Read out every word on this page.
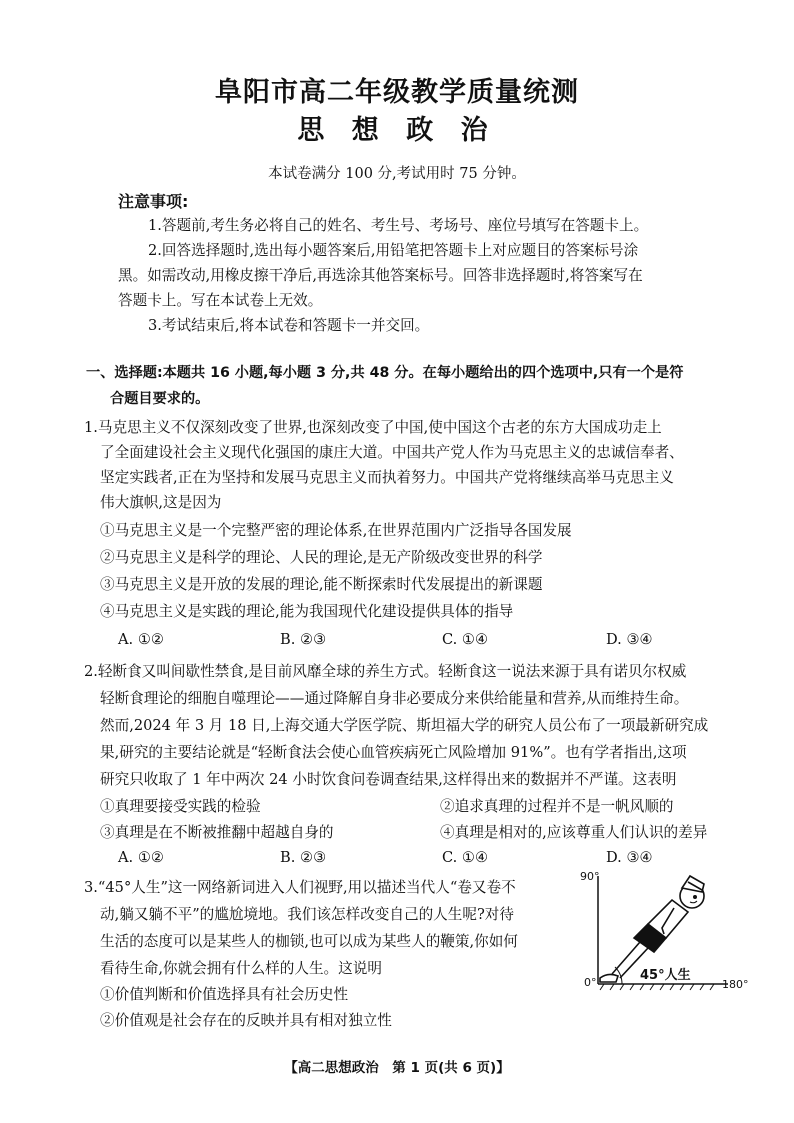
阜阳市高二年级教学质量统测
思 想 政 治
本试卷满分 100 分,考试用时 75 分钟。
注意事项:
1.答题前,考生务必将自己的姓名、考生号、考场号、座位号填写在答题卡上。
2.回答选择题时,选出每小题答案后,用铅笔把答题卡上对应题目的答案标号涂
黑。如需改动,用橡皮擦干净后,再选涂其他答案标号。回答非选择题时,将答案写在
答题卡上。写在本试卷上无效。
3.考试结束后,将本试卷和答题卡一并交回。
一、选择题:本题共 16 小题,每小题 3 分,共 48 分。在每小题给出的四个选项中,只有一个是符
合题目要求的。
1.马克思主义不仅深刻改变了世界,也深刻改变了中国,使中国这个古老的东方大国成功走上
了全面建设社会主义现代化强国的康庄大道。中国共产党人作为马克思主义的忠诚信奉者、
坚定实践者,正在为坚持和发展马克思主义而执着努力。中国共产党将继续高举马克思主义
伟大旗帜,这是因为
①马克思主义是一个完整严密的理论体系,在世界范围内广泛指导各国发展
②马克思主义是科学的理论、人民的理论,是无产阶级改变世界的科学
③马克思主义是开放的发展的理论,能不断探索时代发展提出的新课题
④马克思主义是实践的理论,能为我国现代化建设提供具体的指导
A. ①②	B. ②③	C. ①④	D. ③④
2.轻断食又叫间歇性禁食,是目前风靡全球的养生方式。轻断食这一说法来源于具有诺贝尔权威
轻断食理论的细胞自噬理论——通过降解自身非必要成分来供给能量和营养,从而维持生命。
然而,2024 年 3 月 18 日,上海交通大学医学院、斯坦福大学的研究人员公布了一项最新研究成
果,研究的主要结论就是“轻断食法会使心血管疾病死亡风险增加 91%”。也有学者指出,这项
研究只收取了 1 年中两次 24 小时饮食问卷调查结果,这样得出来的数据并不严谨。这表明
①真理要接受实践的检验	②追求真理的过程并不是一帆风顺的
③真理是在不断被推翻中超越自身的	④真理是相对的,应该尊重人们认识的差异
A. ①②	B. ②③	C. ①④	D. ③④
3.“45°人生”这一网络新词进入人们视野,用以描述当代人“卷又卷不
动,躺又躺不平”的尴尬境地。我们该怎样改变自己的人生呢?对待
生活的态度可以是某些人的枷锁,也可以成为某些人的鞭策,你如何
看待生命,你就会拥有什么样的人生。这说明
①价值判断和价值选择具有社会历史性
②价值观是社会存在的反映并具有相对独立性
90°
0°	180°
45°人生
【高二思想政治　第 1 页(共 6 页)】
